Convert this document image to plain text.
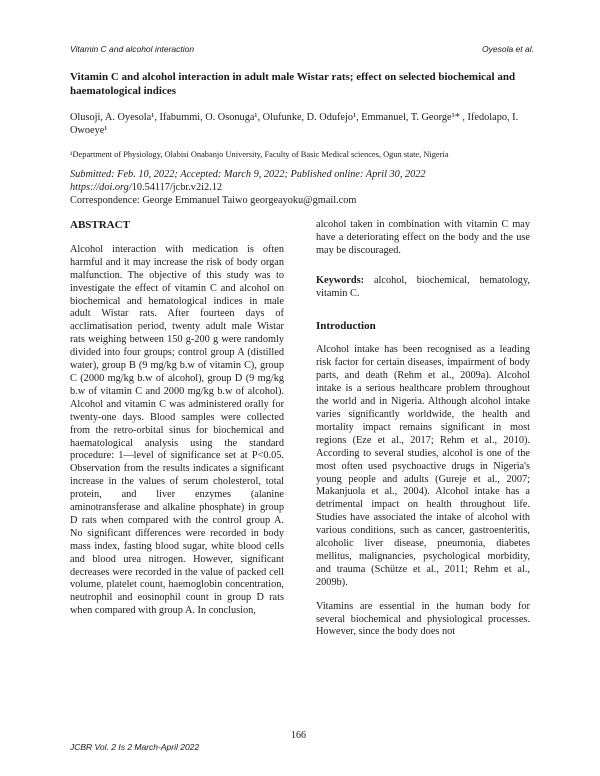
Vitamin C and alcohol interaction	Oyesola et al.
Vitamin C and alcohol interaction in adult male Wistar rats; effect on selected biochemical and haematological indices
Olusoji, A. Oyesola¹, Ifabummi, O. Osonuga¹, Olufunke, D. Odufejo¹, Emmanuel, T. George¹* , Ifedolapo, I. Owoeye¹
¹Department of Physiology, Olabisi Onabanjo University, Faculty of Basic Medical sciences, Ogun state, Nigeria
Submitted: Feb. 10, 2022; Accepted: March 9, 2022; Published online: April 30, 2022
https://doi.org/10.54117/jcbr.v2i2.12
Correspondence: George Emmanuel Taiwo georgeayoku@gmail.com
ABSTRACT

Alcohol interaction with medication is often harmful and it may increase the risk of body organ malfunction. The objective of this study was to investigate the effect of vitamin C and alcohol on biochemical and hematological indices in male adult Wistar rats. After fourteen days of acclimatisation period, twenty adult male Wistar rats weighing between 150 g-200 g were randomly divided into four groups; control group A (distilled water), group B (9 mg/kg b.w of vitamin C), group C (2000 mg/kg b.w of alcohol), group D (9 mg/kg b.w of vitamin C and 2000 mg/kg b.w of alcohol). Alcohol and vitamin C was administered orally for twenty-one days. Blood samples were collected from the retro-orbital sinus for biochemical and haematological analysis using the standard procedure: 1—level of significance set at P<0.05. Observation from the results indicates a significant increase in the values of serum cholesterol, total protein, and liver enzymes (alanine aminotransferase and alkaline phosphate) in group D rats when compared with the control group A. No significant differences were recorded in body mass index, fasting blood sugar, white blood cells and blood urea nitrogen. However, significant decreases were recorded in the value of packed cell volume, platelet count, haemoglobin concentration, neutrophil and eosinophil count in group D rats when compared with group A. In conclusion,

alcohol taken in combination with vitamin C may have a deteriorating effect on the body and the use may be discouraged.

Keywords: alcohol, biochemical, hematology, vitamin C.

Introduction

Alcohol intake has been recognised as a leading risk factor for certain diseases, impairment of body parts, and death (Rehm et al., 2009a). Alcohol intake is a serious healthcare problem throughout the world and in Nigeria. Although alcohol intake varies significantly worldwide, the health and mortality impact remains significant in most regions (Eze et al., 2017; Rehm et al., 2010). According to several studies, alcohol is one of the most often used psychoactive drugs in Nigeria's young people and adults (Gureje et al., 2007; Makanjuola et al., 2004). Alcohol intake has a detrimental impact on health throughout life. Studies have associated the intake of alcohol with various conditions, such as cancer, gastroenteritis, alcoholic liver disease, pneumonia, diabetes mellitus, malignancies, psychological morbidity, and trauma (Schütze et al., 2011; Rehm et al., 2009b).

Vitamins are essential in the human body for several biochemical and physiological processes. However, since the body does not

166
JCBR Vol. 2 Is 2 March-April 2022
